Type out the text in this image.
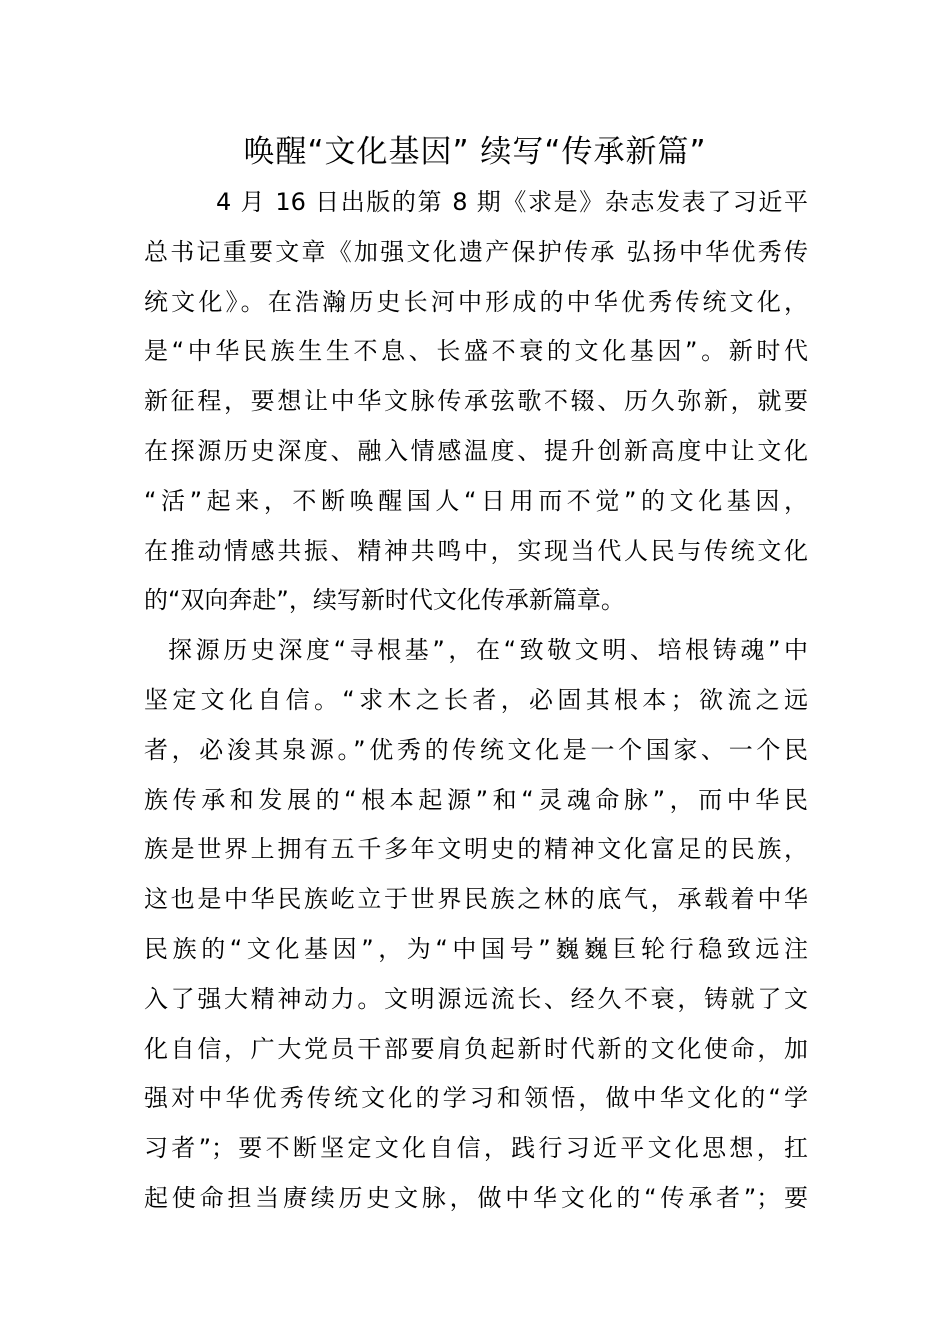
唤醒“文化基因” 续写“传承新篇”
4 月 16 日出版的第 8 期《求是》杂志发表了习近平
总书记重要文章《加强文化遗产保护传承 弘扬中华优秀传
统文化》。在浩瀚历史长河中形成的中华优秀传统文化，
是“中华民族生生不息、长盛不衰的文化基因”。新时代
新征程，要想让中华文脉传承弦歌不辍、历久弥新，就要
在探源历史深度、融入情感温度、提升创新高度中让文化
“活”起来，不断唤醒国人“日用而不觉”的文化基因，
在推动情感共振、精神共鸣中，实现当代人民与传统文化
的“双向奔赴”，续写新时代文化传承新篇章。
探源历史深度“寻根基”，在“致敬文明、培根铸魂”中
坚定文化自信。“求木之长者，必固其根本；欲流之远
者，必浚其泉源。”优秀的传统文化是一个国家、一个民
族传承和发展的“根本起源”和“灵魂命脉”，而中华民
族是世界上拥有五千多年文明史的精神文化富足的民族，
这也是中华民族屹立于世界民族之林的底气，承载着中华
民族的“文化基因”，为“中国号”巍巍巨轮行稳致远注
入了强大精神动力。文明源远流长、经久不衰，铸就了文
化自信，广大党员干部要肩负起新时代新的文化使命，加
强对中华优秀传统文化的学习和领悟，做中华文化的“学
习者”；要不断坚定文化自信，践行习近平文化思想，扛
起使命担当赓续历史文脉，做中华文化的“传承者”；要
